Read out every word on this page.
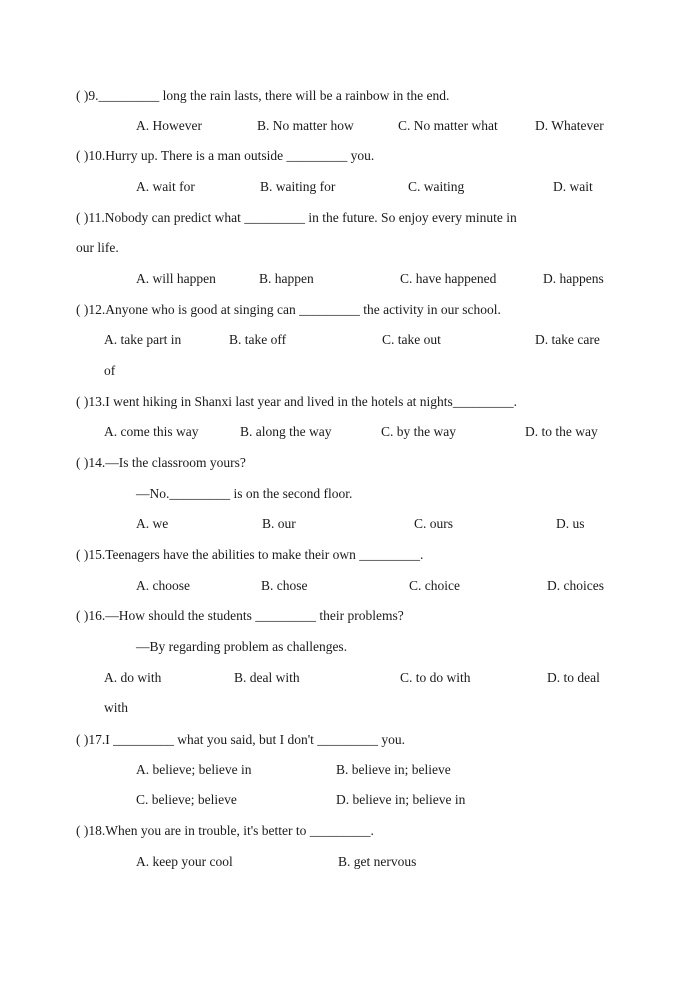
( )9._________ long the rain lasts, there will be a rainbow in the end.
A. However	B. No matter how	C. No matter what	D. Whatever
( )10.Hurry up. There is a man outside _________ you.
A. wait for	B. waiting for	C. waiting	D. wait
( )11.Nobody can predict what _________ in the future. So enjoy every minute in
our life.
A. will happen	B. happen	C. have happened	D. happens
( )12.Anyone who is good at singing can _________ the activity in our school.
A. take part in	B. take off	C. take out	D. take care
of
( )13.I went hiking in Shanxi last year and lived in the hotels at nights_________.
A. come this way	B. along the way	C. by the way	D. to the way
( )14.—Is the classroom yours?
—No._________ is on the second floor.
A. we	B. our	C. ours	D. us
( )15.Teenagers have the abilities to make their own _________.
A. choose	B. chose	C. choice	D. choices
( )16.—How should the students _________ their problems?
—By regarding problem as challenges.
A. do with	B. deal with	C. to do with	D. to deal
with
( )17.I _________ what you said, but I don't _________ you.
A. believe; believe in	B. believe in; believe
C. believe; believe	D. believe in; believe in
( )18.When you are in trouble, it's better to _________.
A. keep your cool	B. get nervous
